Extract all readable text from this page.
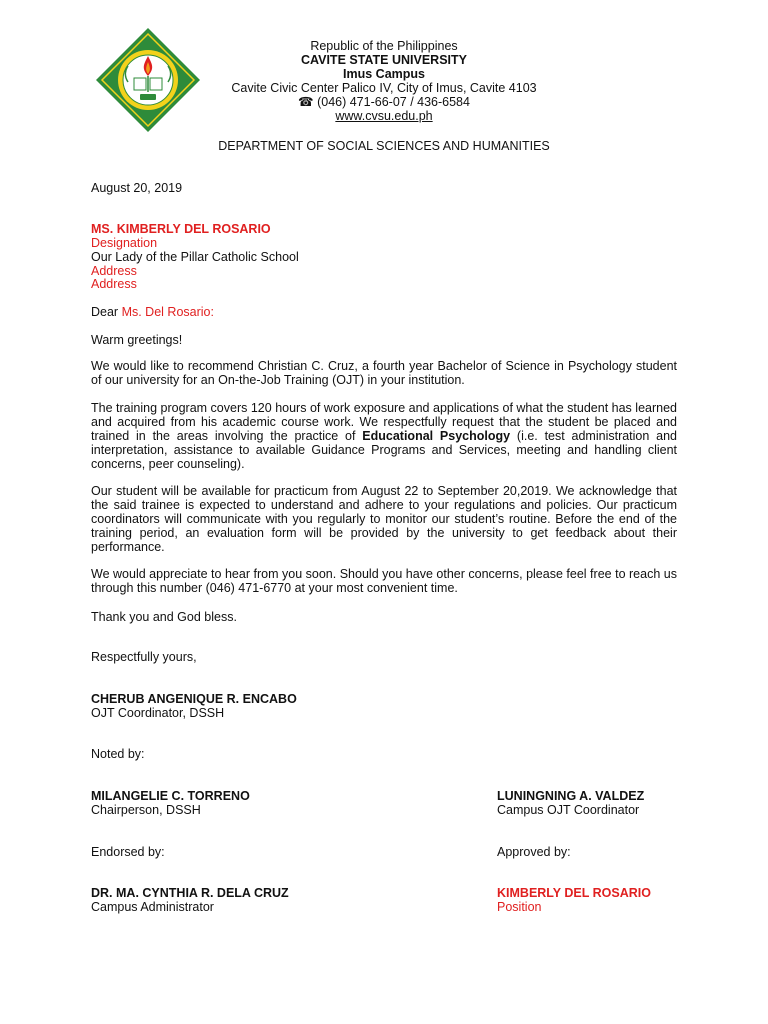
Republic of the Philippines
CAVITE STATE UNIVERSITY
Imus Campus
Cavite Civic Center Palico IV, City of Imus, Cavite 4103
☎ (046) 471-66-07 / 436-6584
www.cvsu.edu.ph
DEPARTMENT OF SOCIAL SCIENCES AND HUMANITIES
August 20, 2019
MS. KIMBERLY DEL ROSARIO
Designation
Our Lady of the Pillar Catholic School
Address
Address
Dear Ms. Del Rosario:
Warm greetings!
We would like to recommend Christian C. Cruz, a fourth year Bachelor of Science in Psychology student of our university for an On-the-Job Training (OJT) in your institution.
The training program covers 120 hours of work exposure and applications of what the student has learned and acquired from his academic course work. We respectfully request that the student be placed and trained in the areas involving the practice of Educational Psychology (i.e. test administration and interpretation, assistance to available Guidance Programs and Services, meeting and handling client concerns, peer counseling).
Our student will be available for practicum from August 22 to September 20,2019. We acknowledge that the said trainee is expected to understand and adhere to your regulations and policies. Our practicum coordinators will communicate with you regularly to monitor our student’s routine. Before the end of the training period, an evaluation form will be provided by the university to get feedback about their performance.
We would appreciate to hear from you soon. Should you have other concerns, please feel free to reach us through this number (046) 471-6770 at your most convenient time.
Thank you and God bless.
Respectfully yours,
CHERUB ANGENIQUE R. ENCABO
OJT Coordinator, DSSH
Noted by:
MILANGELIE C. TORRENO
Chairperson, DSSH
LUNINGNING A. VALDEZ
Campus OJT Coordinator
Endorsed by:	Approved by:
DR. MA. CYNTHIA R. DELA CRUZ
Campus Administrator
KIMBERLY DEL ROSARIO
Position
